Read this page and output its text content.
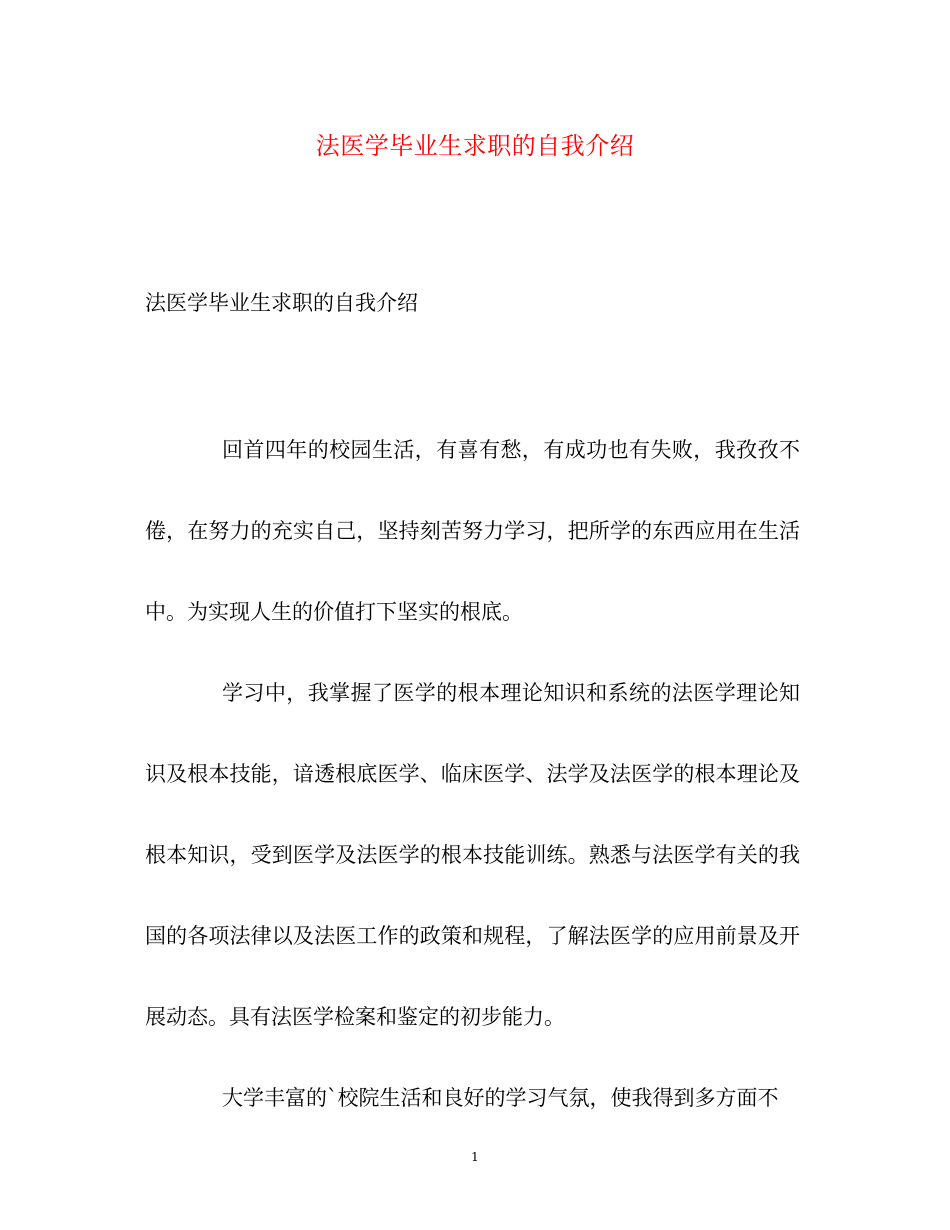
法医学毕业生求职的自我介绍
法医学毕业生求职的自我介绍

回首四年的校园生活，有喜有愁，有成功也有失败，我孜孜不倦，在努力的充实自己，坚持刻苦努力学习，把所学的东西应用在生活中。为实现人生的价值打下坚实的根底。

学习中，我掌握了医学的根本理论知识和系统的法医学理论知识及根本技能，谙透根底医学、临床医学、法学及法医学的根本理论及根本知识，受到医学及法医学的根本技能训练。熟悉与法医学有关的我国的各项法律以及法医工作的政策和规程，了解法医学的应用前景及开展动态。具有法医学检案和鉴定的初步能力。

大学丰富的`校院生活和良好的学习气氛，使我得到多方面不

1
